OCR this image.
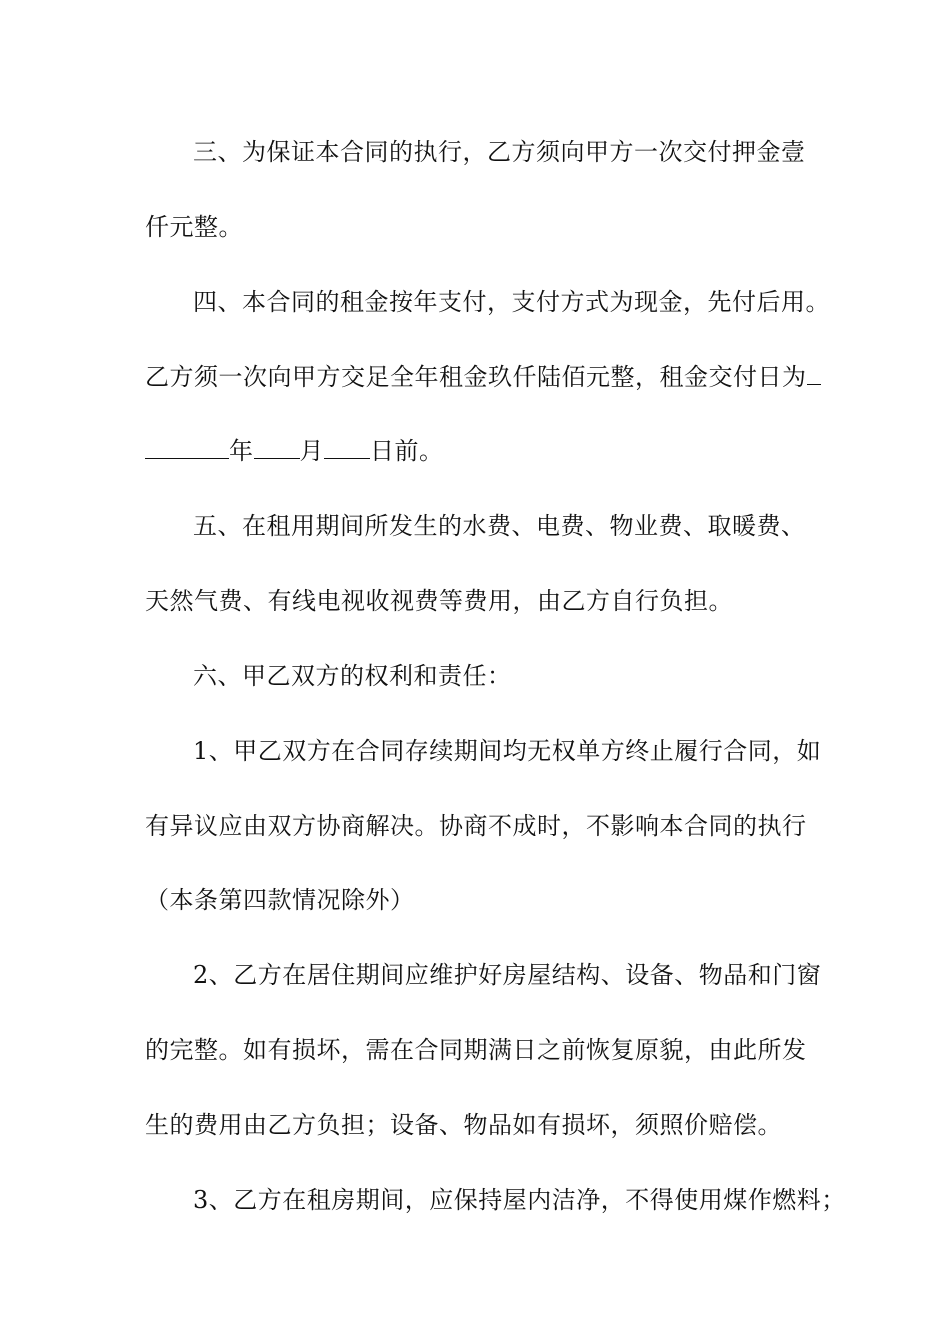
三、为保证本合同的执行，乙方须向甲方一次交付押金壹
仟元整。
四、本合同的租金按年支付，支付方式为现金，先付后用。
乙方须一次向甲方交足全年租金玖仟陆佰元整，租金交付日为
年 月 日前。
五、在租用期间所发生的水费、电费、物业费、取暖费、
天然气费、有线电视收视费等费用，由乙方自行负担。
六、甲乙双方的权利和责任：
1、甲乙双方在合同存续期间均无权单方终止履行合同，如
有异议应由双方协商解决。协商不成时，不影响本合同的执行
（本条第四款情况除外）
2、乙方在居住期间应维护好房屋结构、设备、物品和门窗
的完整。如有损坏，需在合同期满日之前恢复原貌，由此所发
生的费用由乙方负担；设备、物品如有损坏，须照价赔偿。
3、乙方在租房期间，应保持屋内洁净，不得使用煤作燃料；
